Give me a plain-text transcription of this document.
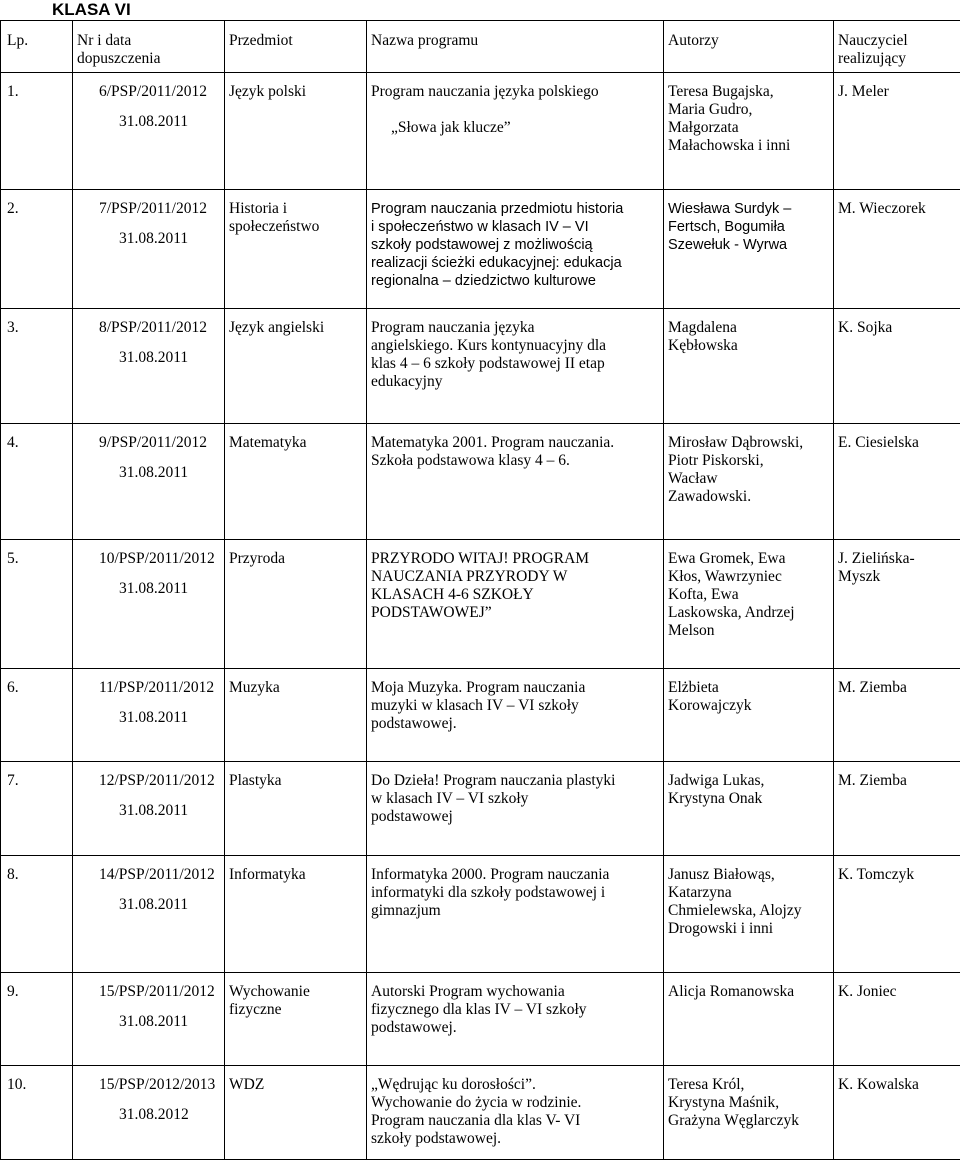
KLASA VI
Lp.	Nr i data
dopuszczenia	Przedmiot	Nazwa programu	Autorzy	Nauczyciel
realizujący

1.	6/PSP/2011/2012
31.08.2011	Język polski	Program nauczania języka polskiego
„Słowa jak klucze”	Teresa Bugajska,
Maria Gudro,
Małgorzata
Małachowska i inni	J. Meler

2.	7/PSP/2011/2012
31.08.2011	Historia i
społeczeństwo	Program nauczania przedmiotu historia
i społeczeństwo w klasach IV – VI
szkoły podstawowej z możliwością
realizacji ścieżki edukacyjnej: edukacja
regionalna – dziedzictwo kulturowe	Wiesława Surdyk –
Fertsch, Bogumiła
Szewełuk - Wyrwa	M. Wieczorek

3.	8/PSP/2011/2012
31.08.2011	Język angielski	Program nauczania języka
angielskiego. Kurs kontynuacyjny dla
klas 4 – 6 szkoły podstawowej II etap
edukacyjny	Magdalena
Kębłowska	K. Sojka

4.	9/PSP/2011/2012
31.08.2011	Matematyka	Matematyka 2001. Program nauczania.
Szkoła podstawowa klasy 4 – 6.	Mirosław Dąbrowski,
Piotr Piskorski,
Wacław
Zawadowski.	E. Ciesielska

5.	10/PSP/2011/2012
31.08.2011	Przyroda	PRZYRODO WITAJ! PROGRAM
NAUCZANIA PRZYRODY W
KLASACH 4-6 SZKOŁY
PODSTAWOWEJ”	Ewa Gromek, Ewa
Kłos, Wawrzyniec
Kofta, Ewa
Laskowska, Andrzej
Melson	J. Zielińska-
Myszk

6.	11/PSP/2011/2012
31.08.2011	Muzyka	Moja Muzyka. Program nauczania
muzyki w klasach IV – VI szkoły
podstawowej.	Elżbieta
Korowajczyk	M. Ziemba

7.	12/PSP/2011/2012
31.08.2011	Plastyka	Do Dzieła! Program nauczania plastyki
w klasach IV – VI szkoły
podstawowej	Jadwiga Lukas,
Krystyna Onak	M. Ziemba

8.	14/PSP/2011/2012
31.08.2011	Informatyka	Informatyka 2000. Program nauczania
informatyki dla szkoły podstawowej i
gimnazjum	Janusz Białowąs,
Katarzyna
Chmielewska, Alojzy
Drogowski i inni	K. Tomczyk

9.	15/PSP/2011/2012
31.08.2011	Wychowanie
fizyczne	Autorski Program wychowania
fizycznego dla klas IV – VI szkoły
podstawowej.	Alicja Romanowska	K. Joniec

10.	15/PSP/2012/2013
31.08.2012	WDZ	„Wędrując ku dorosłości”.
Wychowanie do życia w rodzinie.
Program nauczania dla klas V- VI
szkoły podstawowej.	Teresa Król,
Krystyna Maśnik,
Grażyna Węglarczyk	K. Kowalska
